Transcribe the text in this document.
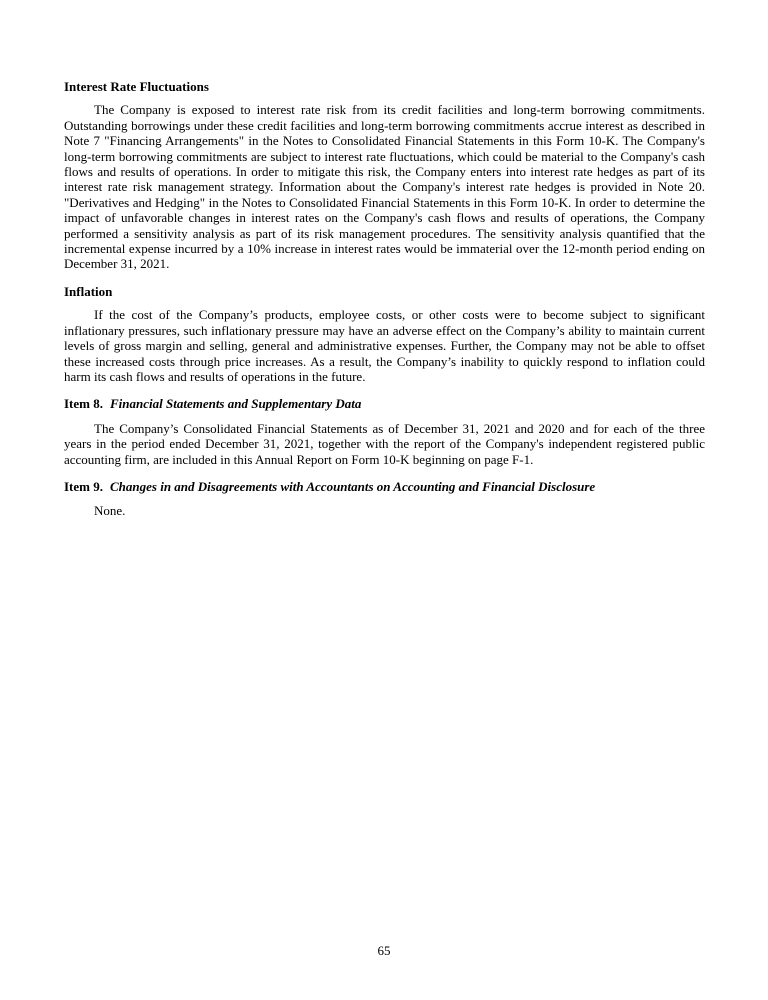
Interest Rate Fluctuations

The Company is exposed to interest rate risk from its credit facilities and long-term borrowing commitments. Outstanding borrowings under these credit facilities and long-term borrowing commitments accrue interest as described in Note 7 "Financing Arrangements" in the Notes to Consolidated Financial Statements in this Form 10-K. The Company's long-term borrowing commitments are subject to interest rate fluctuations, which could be material to the Company's cash flows and results of operations. In order to mitigate this risk, the Company enters into interest rate hedges as part of its interest rate risk management strategy. Information about the Company's interest rate hedges is provided in Note 20. "Derivatives and Hedging" in the Notes to Consolidated Financial Statements in this Form 10-K. In order to determine the impact of unfavorable changes in interest rates on the Company's cash flows and results of operations, the Company performed a sensitivity analysis as part of its risk management procedures. The sensitivity analysis quantified that the incremental expense incurred by a 10% increase in interest rates would be immaterial over the 12-month period ending on December 31, 2021.

Inflation

If the cost of the Company’s products, employee costs, or other costs were to become subject to significant inflationary pressures, such inflationary pressure may have an adverse effect on the Company’s ability to maintain current levels of gross margin and selling, general and administrative expenses. Further, the Company may not be able to offset these increased costs through price increases. As a result, the Company’s inability to quickly respond to inflation could harm its cash flows and results of operations in the future.

Item 8. Financial Statements and Supplementary Data

The Company’s Consolidated Financial Statements as of December 31, 2021 and 2020 and for each of the three years in the period ended December 31, 2021, together with the report of the Company's independent registered public accounting firm, are included in this Annual Report on Form 10-K beginning on page F-1.

Item 9. Changes in and Disagreements with Accountants on Accounting and Financial Disclosure

None.

65
